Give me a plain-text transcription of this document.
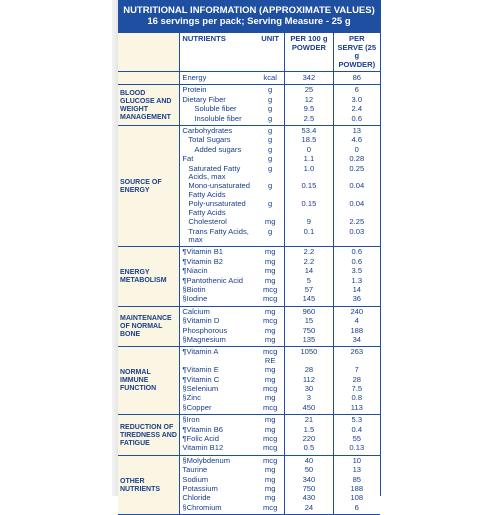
NUTRITIONAL INFORMATION (APPROXIMATE VALUES)
16 servings per pack; Serving Measure - 25 g
	NUTRIENTS	UNIT	PER 100 g POWDER	PER SERVE (25 g POWDER)
	Energy	kcal	342	86
BLOOD GLUCOSE AND WEIGHT MANAGEMENT	Protein	g	25	6
	Dietary Fiber	g	12	3.0
	Soluble fiber	g	9.5	2.4
	Insoluble fiber	g	2.5	0.6
SOURCE OF ENERGY	Carbohydrates	g	53.4	13
	Total Sugars	g	18.5	4.6
	Added sugars	g	0	0
	Fat	g	1.1	0.28
	Saturated Fatty Acids, max	g	1.0	0.25
	Mono-unsaturated Fatty Acids	g	0.15	0.04
	Poly-unsaturated Fatty Acids	g	0.15	0.04
	Cholesterol	mg	9	2.25
	Trans Fatty Acids, max	g	0.1	0.03
ENERGY METABOLISM	¶Vitamin B1	mg	2.2	0.6
	¶Vitamin B2	mg	2.2	0.6
	¶Niacin	mg	14	3.5
	¶Pantothenic Acid	mg	5	1.3
	§Biotin	mcg	57	14
	§Iodine	mcg	145	36
MAINTENANCE OF NORMAL BONE	Calcium	mg	960	240
	§Vitamin D	mcg	15	4
	Phosphorous	mg	750	188
	§Magnesium	mg	135	34
NORMAL IMMUNE FUNCTION	¶Vitamin A	mcg RE	1050	263
	¶Vitamin E	mg	28	7
	¶Vitamin C	mg	112	28
	§Selenium	mcg	30	7.5
	§Zinc	mg	3	0.8
	§Copper	mcg	450	113
REDUCTION OF TIREDNESS AND FATIGUE	§Iron	mg	21	5.3
	¶Vitamin B6	mg	1.5	0.4
	¶Folic Acid	mcg	220	55
	Vitamin B12	mcg	0.5	0.13
OTHER NUTRIENTS	§Molybdenum	mcg	40	10
	Taurine	mg	50	13
	Sodium	mg	340	85
	Potassium	mg	750	188
	Chloride	mg	430	108
	§Chromium	mcg	24	6
